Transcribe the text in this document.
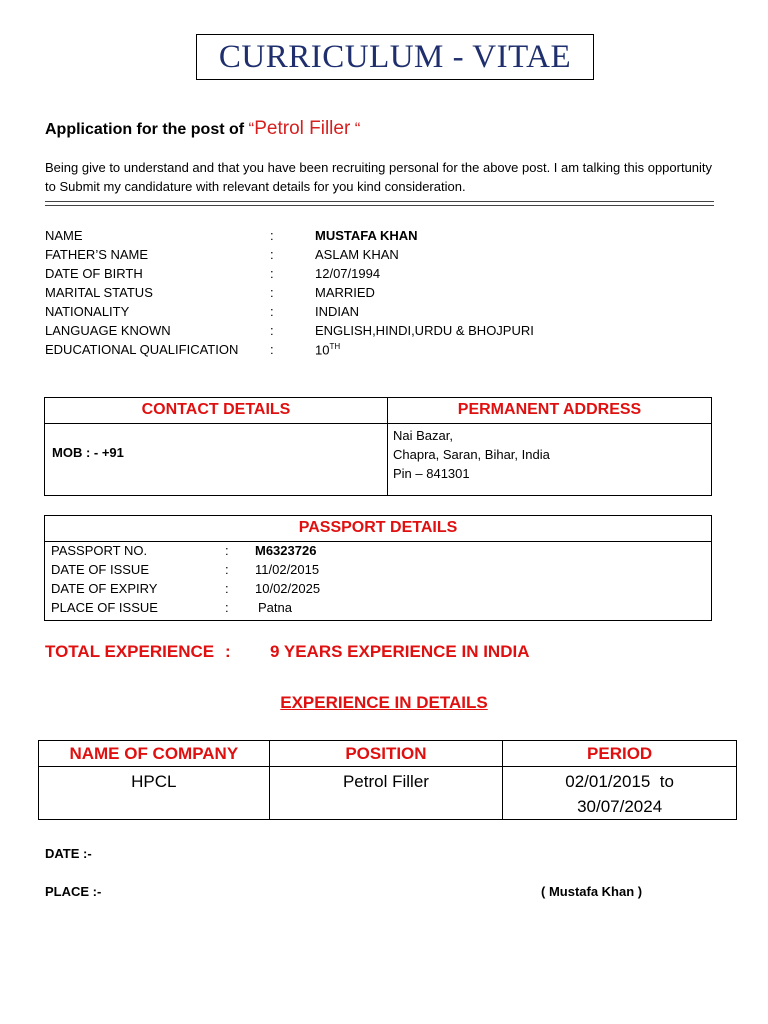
CURRICULUM - VITAE
Application for the post of “Petrol Filler “
Being give to understand and that you have been recruiting personal for the above post. I am talking this opportunity to Submit my candidature with relevant details for you kind consideration.
NAME	:	MUSTAFA KHAN
FATHER’S NAME	:	ASLAM KHAN
DATE OF BIRTH	:	12/07/1994
MARITAL STATUS	:	MARRIED
NATIONALITY	:	INDIAN
LANGUAGE KNOWN	:	ENGLISH,HINDI,URDU & BHOJPURI
EDUCATIONAL QUALIFICATION :	10TH
CONTACT DETAILS	PERMANENT ADDRESS
MOB : - +91
Nai Bazar,
Chapra, Saran, Bihar, India
Pin – 841301
PASSPORT DETAILS
PASSPORT NO.	: M6323726
DATE OF ISSUE	: 11/02/2015
DATE OF EXPIRY	: 10/02/2025
PLACE OF ISSUE	: Patna
TOTAL EXPERIENCE : 9 YEARS EXPERIENCE IN INDIA
EXPERIENCE IN DETAILS
NAME OF COMPANY	POSITION	PERIOD
HPCL	Petrol Filler	02/01/2015  to
30/07/2024
DATE :-
PLACE :-	( Mustafa Khan )
